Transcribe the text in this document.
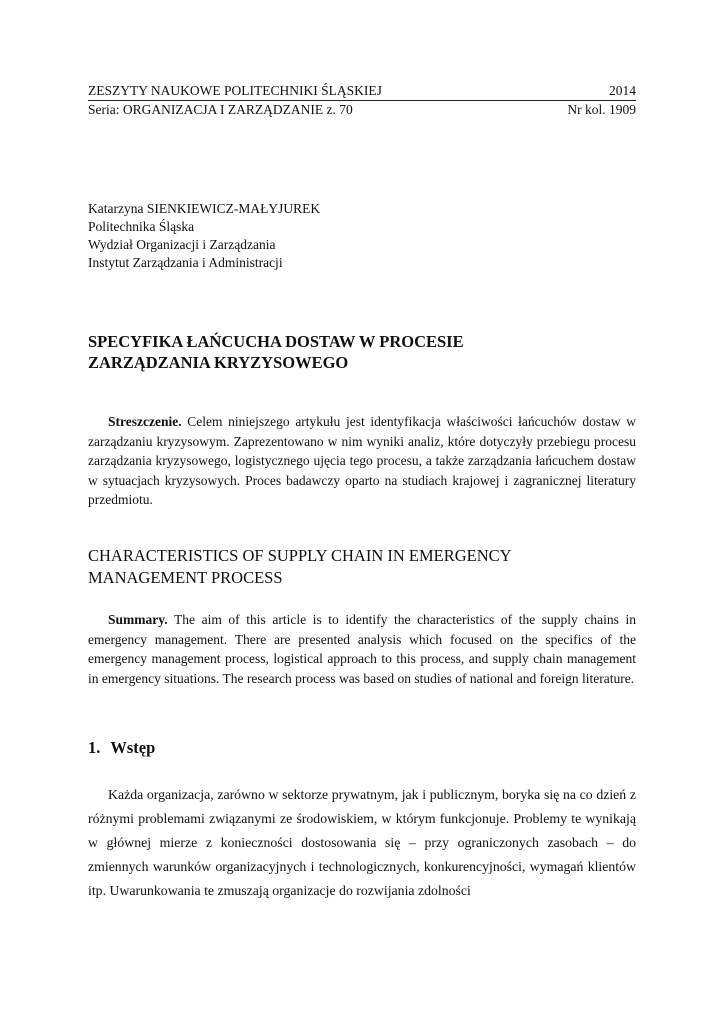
ZESZYTY NAUKOWE POLITECHNIKI ŚLĄSKIEJ	2014
Seria: ORGANIZACJA I ZARZĄDZANIE z. 70	Nr kol. 1909
Katarzyna SIENKIEWICZ-MAŁYJUREK
Politechnika Śląska
Wydział Organizacji i Zarządzania
Instytut Zarządzania i Administracji
SPECYFIKA ŁAŃCUCHA DOSTAW W PROCESIE
ZARZĄDZANIA KRYZYSOWEGO

Streszczenie. Celem niniejszego artykułu jest identyfikacja właściwości łańcuchów dostaw w zarządzaniu kryzysowym. Zaprezentowano w nim wyniki analiz, które dotyczyły przebiegu procesu zarządzania kryzysowego, logistycznego ujęcia tego procesu, a także zarządzania łańcuchem dostaw w sytuacjach kryzysowych. Proces badawczy oparto na studiach krajowej i zagranicznej literatury przedmiotu.

CHARACTERISTICS OF SUPPLY CHAIN IN EMERGENCY
MANAGEMENT PROCESS

Summary. The aim of this article is to identify the characteristics of the supply chains in emergency management. There are presented analysis which focused on the specifics of the emergency management process, logistical approach to this process, and supply chain management in emergency situations. The research process was based on studies of national and foreign literature.

1. Wstęp

Każda organizacja, zarówno w sektorze prywatnym, jak i publicznym, boryka się na co dzień z różnymi problemami związanymi ze środowiskiem, w którym funkcjonuje. Problemy te wynikają w głównej mierze z konieczności dostosowania się – przy ograniczonych zasobach – do zmiennych warunków organizacyjnych i technologicznych, konkurencyjności, wymagań klientów itp. Uwarunkowania te zmuszają organizacje do rozwijania zdolności
